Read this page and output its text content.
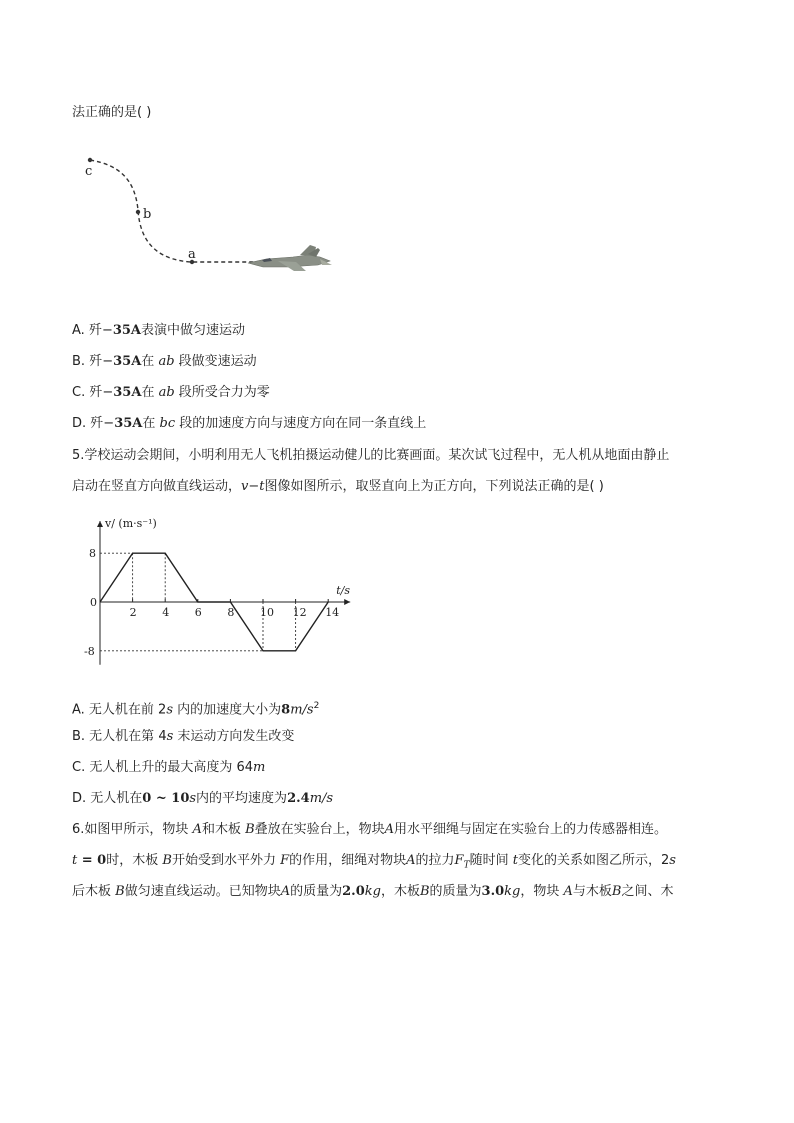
法正确的是( )
c
b
a
A. 歼−35A表演中做匀速运动
B. 歼−35A在 ab 段做变速运动
C. 歼−35A在 ab 段所受合力为零
D. 歼−35A在 bc 段的加速度方向与速度方向在同一条直线上
5.学校运动会期间，小明利用无人飞机拍摄运动健儿的比赛画面。某次试飞过程中，无人机从地面由静止
启动在竖直方向做直线运动，v−t图像如图所示，取竖直向上为正方向，下列说法正确的是( )
v/ (m·s⁻¹)
t/s
0
2 4 6 8 10 12 14
8
-8
A. 无人机在前 2s 内的加速度大小为$8m/s^2$
B. 无人机在第 4s 末运动方向发生改变
C. 无人机上升的最大高度为 64m
D. 无人机在0 ~ 10s内的平均速度为2.4m/s
6.如图甲所示，物块 A和木板 B叠放在实验台上，物块A用水平细绳与固定在实验台上的力传感器相连。
t = 0时，木板 B开始受到水平外力 F的作用，细绳对物块A的拉力$F_T$随时间 t变化的关系如图乙所示，2s
后木板 B做匀速直线运动。已知物块A的质量为2.0kg，木板B的质量为3.0kg，物块 A与木板B之间、木
